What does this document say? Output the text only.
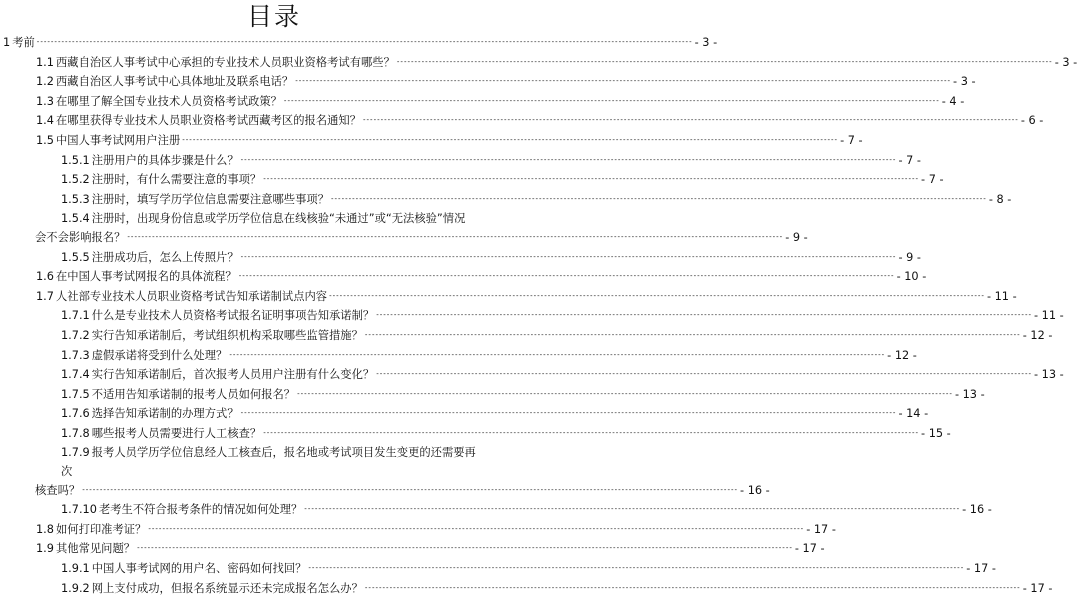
目录
1 考前 -----	- 3 -
1.1 西藏自治区人事考试中心承担的专业技术人员职业资格考试有哪些？ -----	- 3 -
1.2 西藏自治区人事考试中心具体地址及联系电话？ -----	- 3 -
1.3 在哪里了解全国专业技术人员资格考试政策？ -----	- 4 -
1.4 在哪里获得专业技术人员职业资格考试西藏考区的报名通知？ -----	- 6 -
1.5 中国人事考试网用户注册 -----	- 7 -
1.5.1 注册用户的具体步骤是什么？ -----	- 7 -
1.5.2 注册时，有什么需要注意的事项？ -----	- 7 -
1.5.3 注册时，填写学历学位信息需要注意哪些事项？ -----	- 8 -
1.5.4 注册时，出现身份信息或学历学位信息在线核验“未通过”或“无法核验”情况
会不会影响报名？ -----	- 9 -
1.5.5 注册成功后，怎么上传照片？ -----	- 9 -
1.6 在中国人事考试网报名的具体流程？ -----	- 10 -
1.7 人社部专业技术人员职业资格考试告知承诺制试点内容 -----	- 11 -
1.7.1 什么是专业技术人员资格考试报名证明事项告知承诺制？ -----	- 11 -
1.7.2 实行告知承诺制后，考试组织机构采取哪些监管措施？ -----	- 12 -
1.7.3 虚假承诺将受到什么处理？ -----	- 12 -
1.7.4 实行告知承诺制后，首次报考人员用户注册有什么变化？ -----	- 13 -
1.7.5 不适用告知承诺制的报考人员如何报名？ -----	- 13 -
1.7.6 选择告知承诺制的办理方式？ -----	- 14 -
1.7.8 哪些报考人员需要进行人工核查？ -----	- 15 -
1.7.9 报考人员学历学位信息经人工核查后，报名地或考试项目发生变更的还需要再次
核查吗？ -----	- 16 -
1.7.10 老考生不符合报考条件的情况如何处理？ -----	- 16 -
1.8 如何打印准考证？ -----	- 17 -
1.9 其他常见问题？ -----	- 17 -
1.9.1 中国人事考试网的用户名、密码如何找回？ -----	- 17 -
1.9.2 网上支付成功，但报名系统显示还未完成报名怎么办？ -----	- 17 -
